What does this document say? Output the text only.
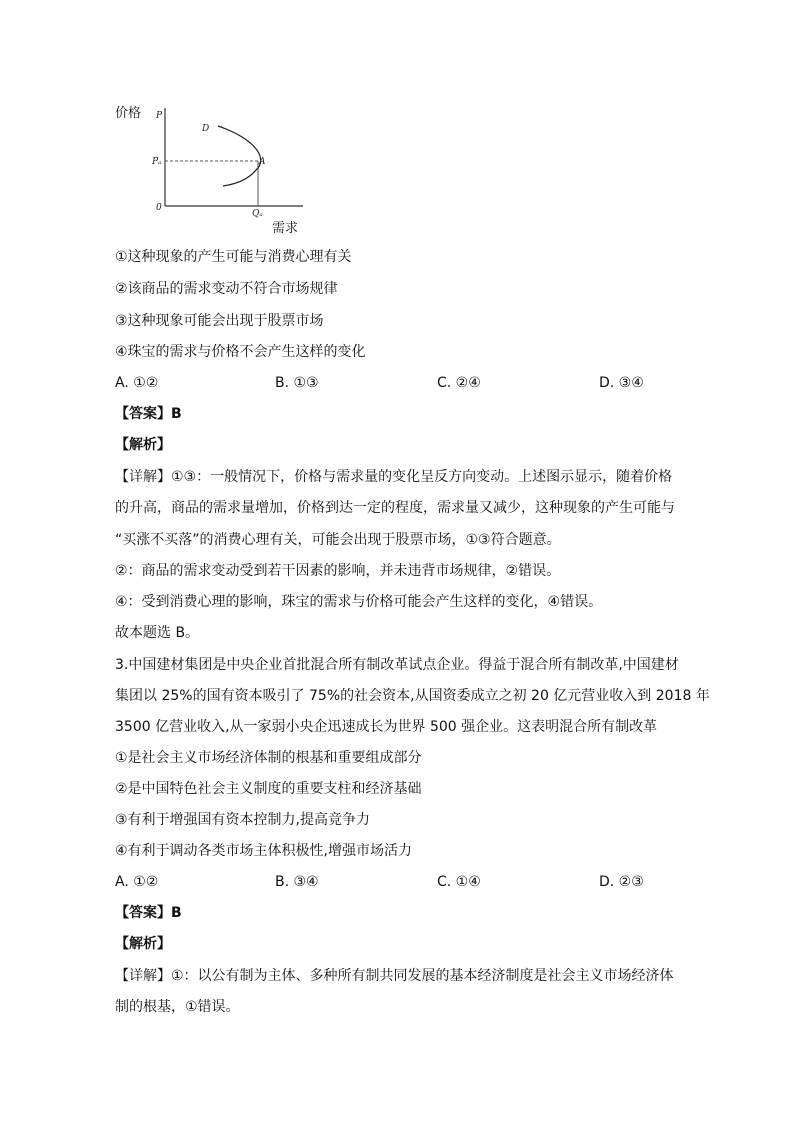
价格 P
Pₐ
D
A
0
Qₐ
需求
①这种现象的产生可能与消费心理有关
②该商品的需求变动不符合市场规律
③这种现象可能会出现于股票市场
④珠宝的需求与价格不会产生这样的变化
A. ①②	B. ①③	C. ②④	D. ③④
【答案】B
【解析】
【详解】①③：一般情况下，价格与需求量的变化呈反方向变动。上述图示显示，随着价格
的升高，商品的需求量增加，价格到达一定的程度，需求量又减少，这种现象的产生可能与
“买涨不买落”的消费心理有关，可能会出现于股票市场，①③符合题意。
②：商品的需求变动受到若干因素的影响，并未违背市场规律，②错误。
④：受到消费心理的影响，珠宝的需求与价格可能会产生这样的变化，④错误。
故本题选 B。
3.中国建材集团是中央企业首批混合所有制改革试点企业。得益于混合所有制改革,中国建材
集团以 25%的国有资本吸引了 75%的社会资本,从国资委成立之初 20 亿元营业收入到 2018 年
3500 亿营业收入,从一家弱小央企迅速成长为世界 500 强企业。这表明混合所有制改革
①是社会主义市场经济体制的根基和重要组成部分
②是中国特色社会主义制度的重要支柱和经济基础
③有利于增强国有资本控制力,提高竞争力
④有利于调动各类市场主体积极性,增强市场活力
A. ①②	B. ③④	C. ①④	D. ②③
【答案】B
【解析】
【详解】①：以公有制为主体、多种所有制共同发展的基本经济制度是社会主义市场经济体
制的根基，①错误。
